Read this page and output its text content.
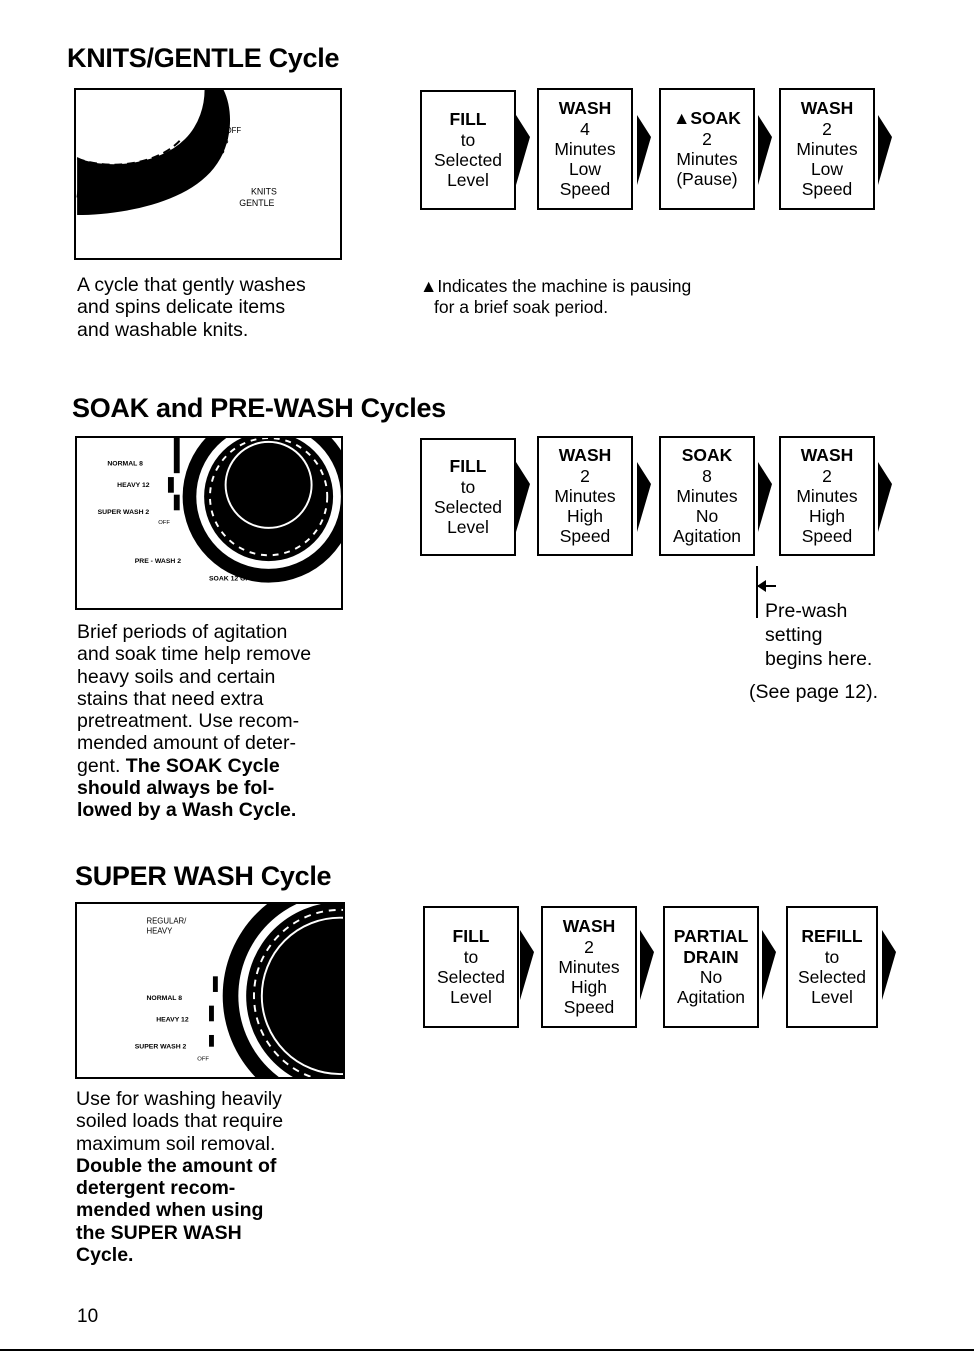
KNITS/GENTLE Cycle
OFF
8
6
KNITS
GENTLE
K 12 OFF
A cycle that gently washes
and spins delicate items
and washable knits.
FILL
to
Selected
Level
WASH
4
Minutes
Low
Speed
▲SOAK
2
Minutes
(Pause)
WASH
2
Minutes
Low
Speed
▲Indicates the machine is pausing
for a brief soak period.
SOAK and PRE-WASH Cycles
NORMAL 8
HEAVY 12
SUPER WASH 2
OFF
PRE - WASH 2
SOAK 12 OFF
Brief periods of agitation
and soak time help remove
heavy soils and certain
stains that need extra
pretreatment. Use recom-
mended amount of deter-
gent. The SOAK Cycle
should always be fol-
lowed by a Wash Cycle.
FILL
to
Selected
Level
WASH
2
Minutes
High
Speed
SOAK
8
Minutes
No
Agitation
WASH
2
Minutes
High
Speed
Pre-wash
setting
begins here.
(See page 12).
SUPER WASH Cycle
REGULAR/
HEAVY
NORMAL 8
HEAVY 12
SUPER WASH 2
OFF
Use for washing heavily
soiled loads that require
maximum soil removal.
Double the amount of
detergent recom-
mended when using
the SUPER WASH
Cycle.
FILL
to
Selected
Level
WASH
2
Minutes
High
Speed
PARTIAL
DRAIN
No
Agitation
REFILL
to
Selected
Level
10
